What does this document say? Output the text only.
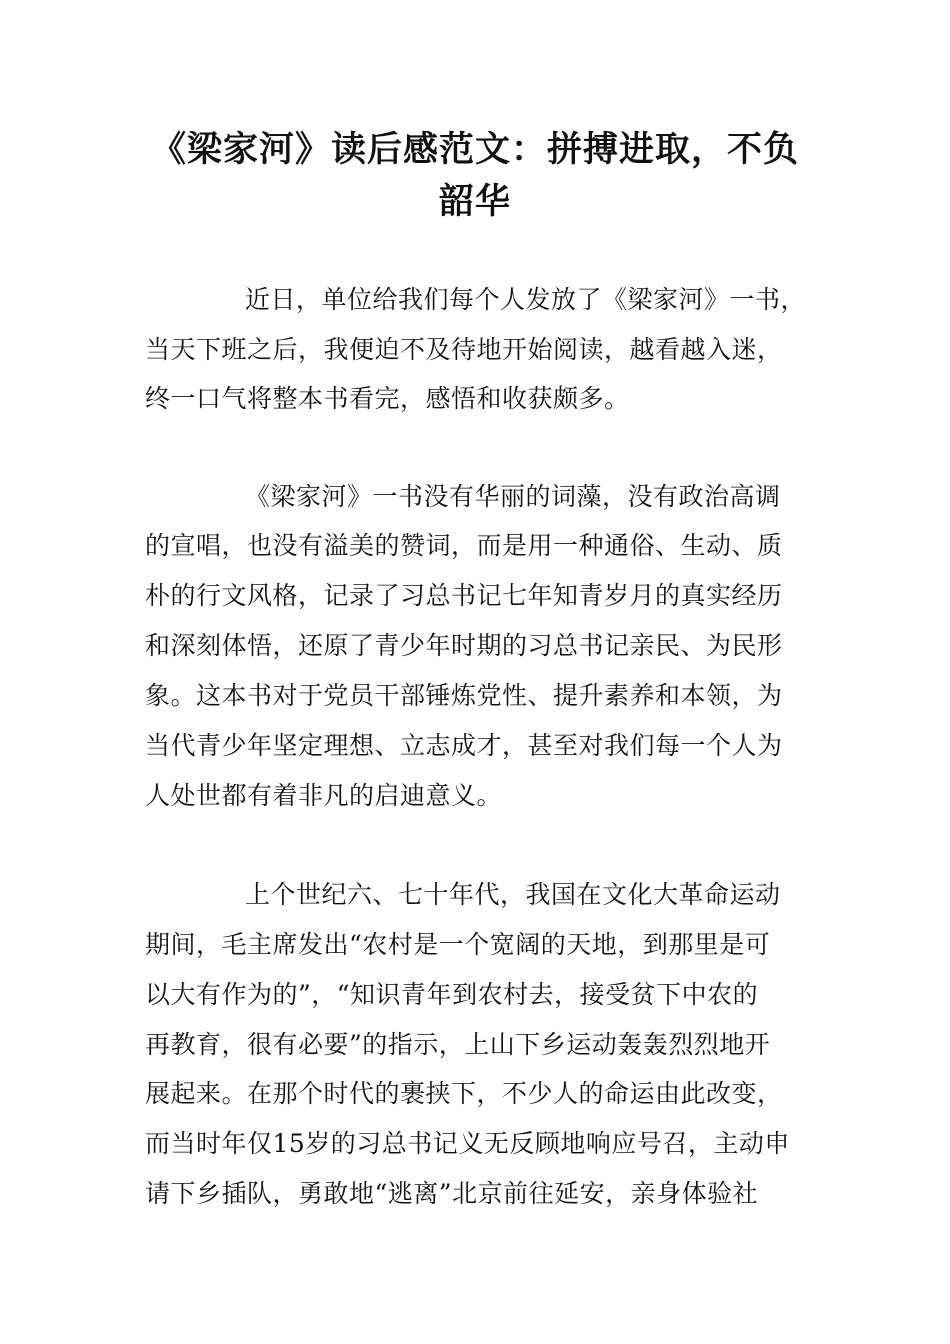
《梁家河》读后感范文：拼搏进取，不负
韶华
近日，单位给我们每个人发放了《梁家河》一书，
当天下班之后，我便迫不及待地开始阅读，越看越入迷，
终一口气将整本书看完，感悟和收获颇多。
《梁家河》一书没有华丽的词藻，没有政治高调
的宣唱，也没有溢美的赞词，而是用一种通俗、生动、质
朴的行文风格，记录了习总书记七年知青岁月的真实经历
和深刻体悟，还原了青少年时期的习总书记亲民、为民形
象。这本书对于党员干部锤炼党性、提升素养和本领，为
当代青少年坚定理想、立志成才，甚至对我们每一个人为
人处世都有着非凡的启迪意义。
上个世纪六、七十年代，我国在文化大革命运动
期间，毛主席发出“农村是一个宽阔的天地，到那里是可
以大有作为的”，“知识青年到农村去，接受贫下中农的
再教育，很有必要”的指示，上山下乡运动轰轰烈烈地开
展起来。在那个时代的裹挟下，不少人的命运由此改变，
而当时年仅15岁的习总书记义无反顾地响应号召，主动申
请下乡插队，勇敢地“逃离”北京前往延安，亲身体验社
